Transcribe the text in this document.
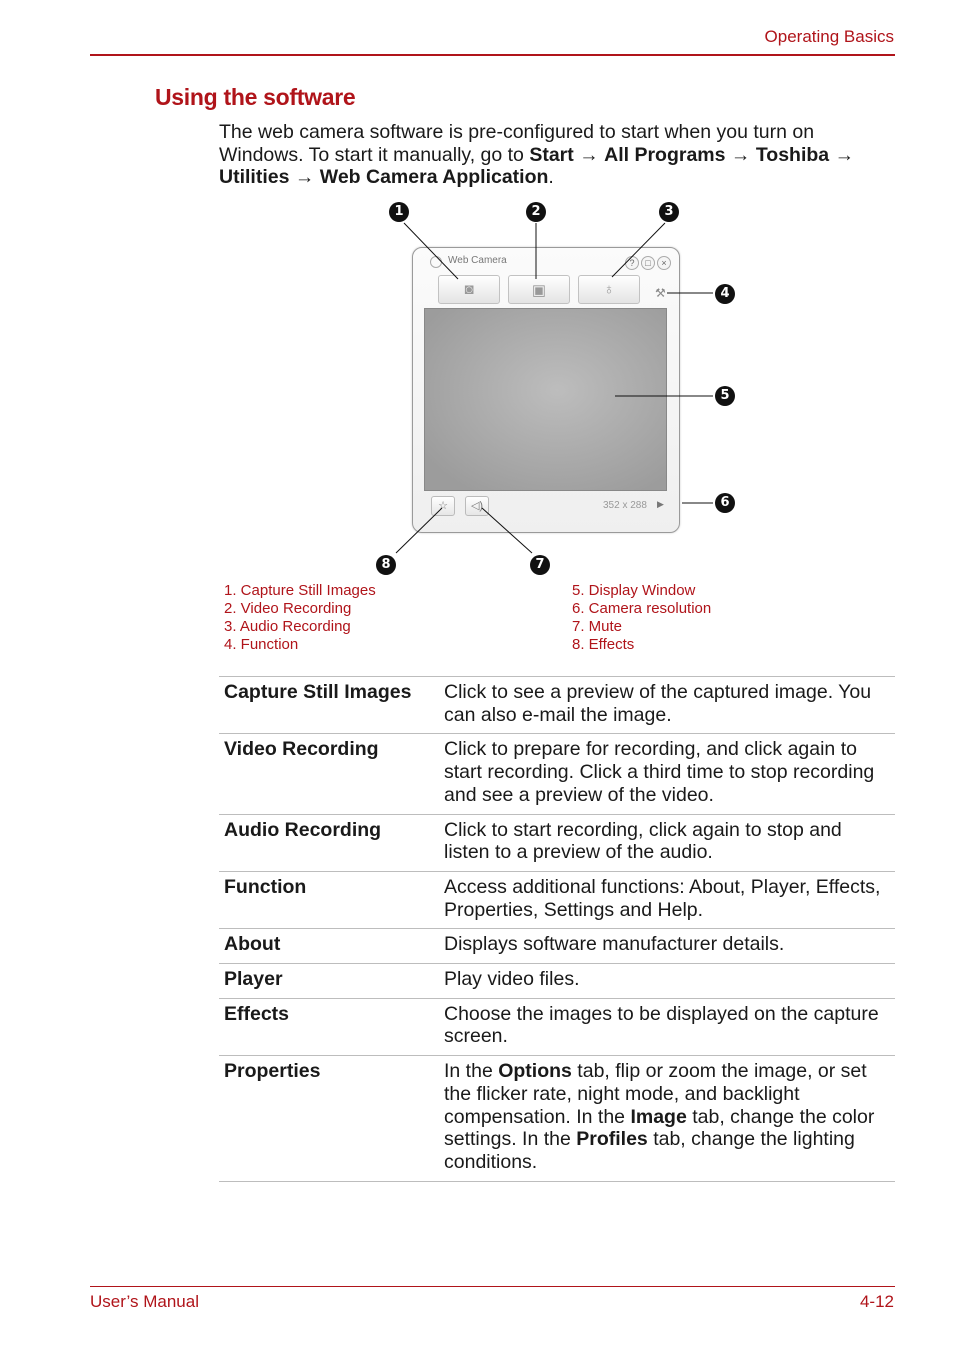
Operating Basics
Using the software

The web camera software is pre-configured to start when you turn on Windows. To start it manually, go to Start → All Programs → Toshiba → Utilities → Web Camera Application.

Web Camera	?	□	×
◙	▣	♁	⚒
☆	◁)	352 x 288 ▶
1	2	3
4
5
6
7
8
1. Capture Still Images
2. Video Recording
3. Audio Recording
4. Function
5. Display Window
6. Camera resolution
7. Mute
8. Effects
Capture Still Images	Click to see a preview of the captured image. You can also e-mail the image.
Video Recording	Click to prepare for recording, and click again to start recording. Click a third time to stop recording and see a preview of the video.
Audio Recording	Click to start recording, click again to stop and listen to a preview of the audio.
Function	Access additional functions: About, Player, Effects, Properties, Settings and Help.
About	Displays software manufacturer details.
Player	Play video files.
Effects	Choose the images to be displayed on the capture screen.
Properties	In the Options tab, flip or zoom the image, or set the flicker rate, night mode, and backlight compensation. In the Image tab, change the color settings. In the Profiles tab, change the lighting conditions.
User’s Manual	4-12
